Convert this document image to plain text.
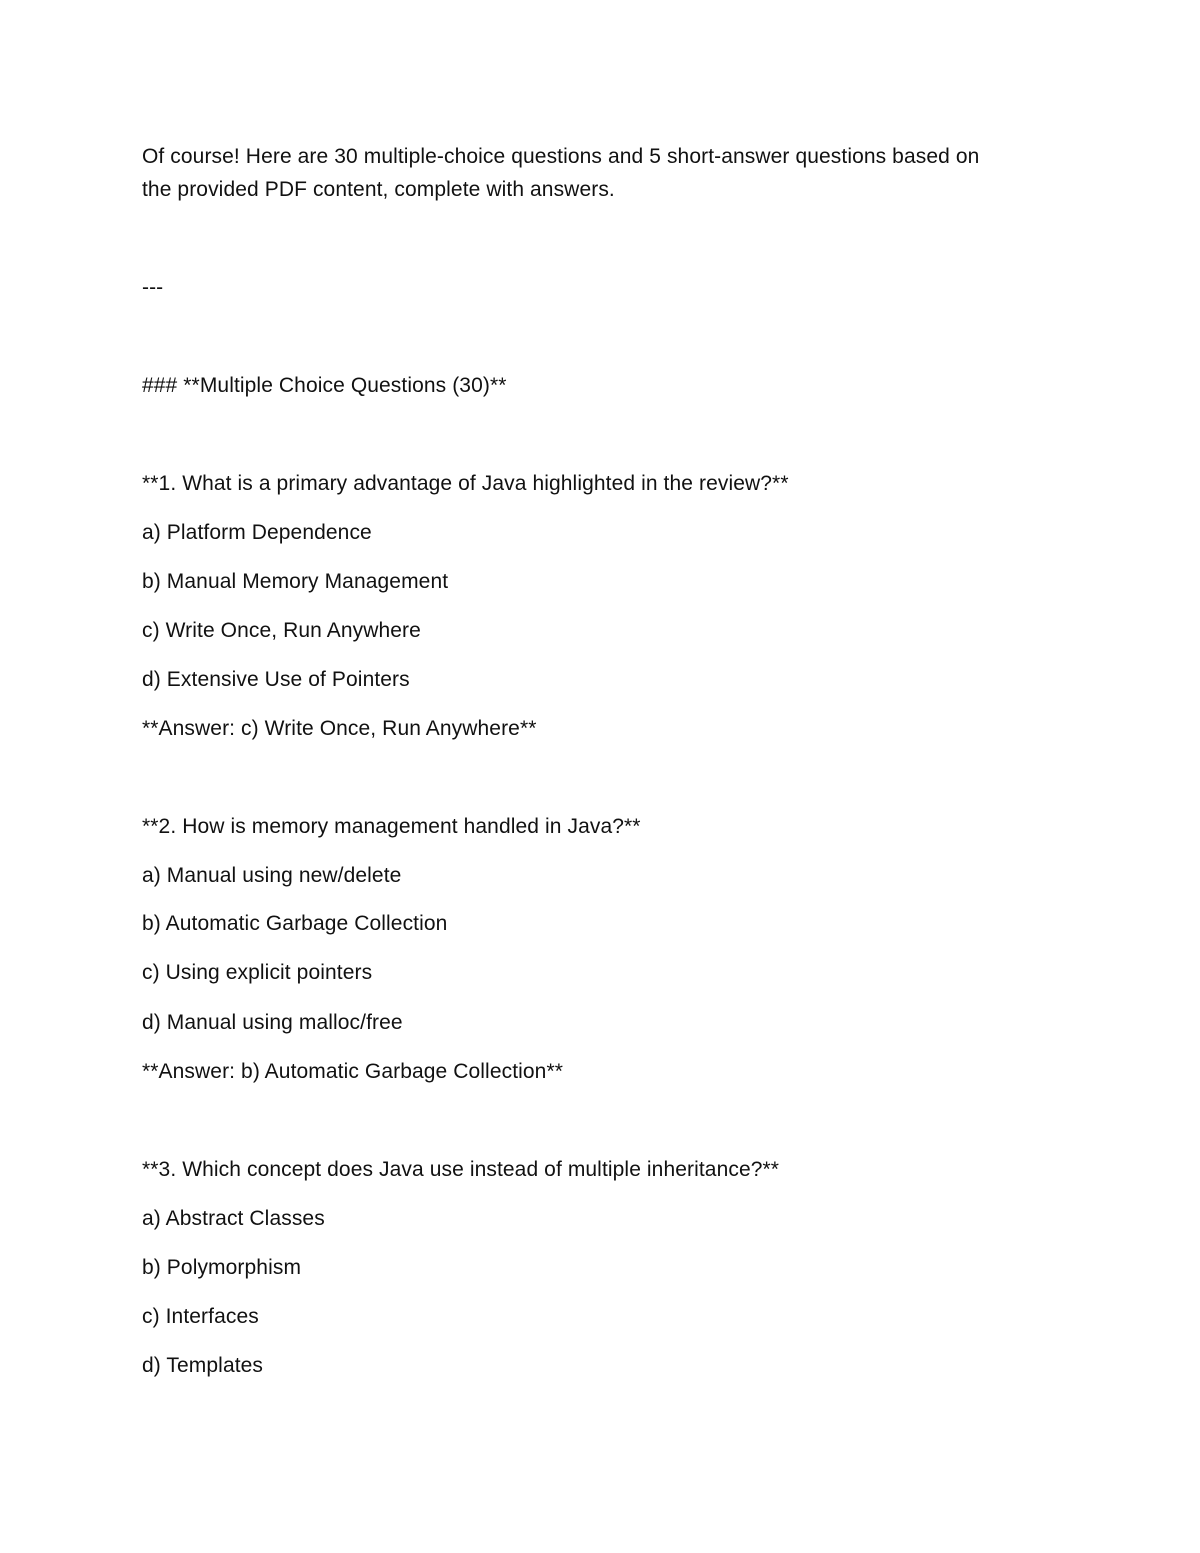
Of course! Here are 30 multiple-choice questions and 5 short-answer questions based on
the provided PDF content, complete with answers.
---
### **Multiple Choice Questions (30)**
**1. What is a primary advantage of Java highlighted in the review?**
a) Platform Dependence
b) Manual Memory Management
c) Write Once, Run Anywhere
d) Extensive Use of Pointers
**Answer: c) Write Once, Run Anywhere**
**2. How is memory management handled in Java?**
a) Manual using new/delete
b) Automatic Garbage Collection
c) Using explicit pointers
d) Manual using malloc/free
**Answer: b) Automatic Garbage Collection**
**3. Which concept does Java use instead of multiple inheritance?**
a) Abstract Classes
b) Polymorphism
c) Interfaces
d) Templates
